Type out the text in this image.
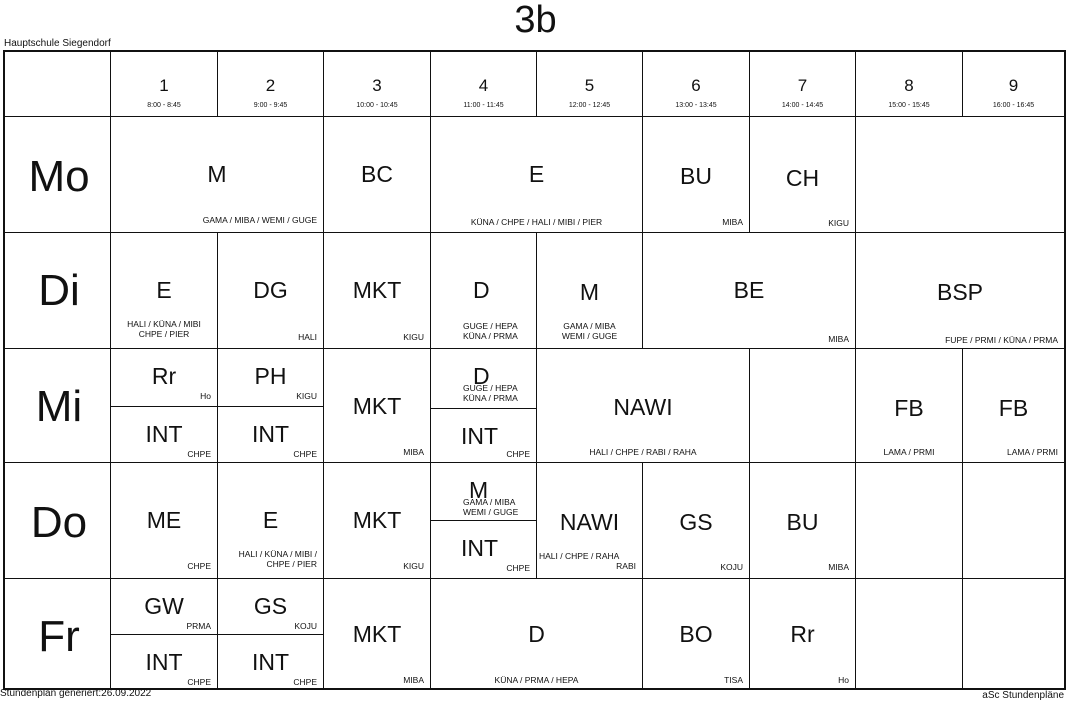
3b
Hauptschule Siegendorf
1
8:00 - 8:45
2
9:00 - 9:45
3
10:00 - 10:45
4
11:00 - 11:45
5
12:00 - 12:45
6
13:00 - 13:45
7
14:00 - 14:45
8
15:00 - 15:45
9
16:00 - 16:45
Mo
Di
Mi
Do
Fr
M
GAMA / MIBA / WEMI / GUGE
BC	E
KÜNA / CHPE / HALI / MIBI / PIER
BU
MIBA
CH
KIGU
E
HALI / KÜNA / MIBI
CHPE / PIER
DG
HALI
MKT
KIGU
D
GUGE / HEPA
KÜNA / PRMA
M
GAMA / MIBA
WEMI / GUGE
BE
MIBA
BSP
FUPE / PRMI / KÜNA / PRMA
Rr
Ho
INT
CHPE
PH
KIGU
INT
CHPE
MKT
MIBA
D
GUGE / HEPA
KÜNA / PRMA
INT
CHPE
NAWI
HALI / CHPE / RABI / RAHA
FB
LAMA / PRMI
FB
LAMA / PRMI
ME
CHPE
E
HALI / KÜNA / MIBI /
CHPE / PIER
MKT
KIGU
M
GAMA / MIBA
WEMI / GUGE
INT
CHPE
NAWI
HALI / CHPE / RAHA
RABI
GS
KOJU
BU
MIBA
GW
PRMA
INT
CHPE
GS
KOJU
INT
CHPE
MKT
MIBA
D
KÜNA / PRMA / HEPA
BO
TISA
Rr
Ho
Stundenplan generiert:26.09.2022	aSc Stundenpläne
